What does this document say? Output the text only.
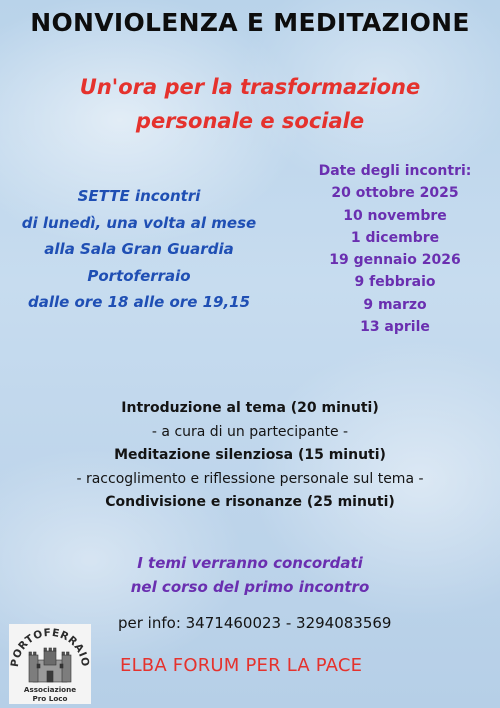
NONVIOLENZA E MEDITAZIONE
Un'ora per la trasformazione
personale e sociale
SETTE incontri
di lunedì, una volta al mese
alla Sala Gran Guardia
Portoferraio
dalle ore 18 alle ore 19,15
Date degli incontri:
20 ottobre 2025
10 novembre
1 dicembre
19 gennaio 2026
9 febbraio
9 marzo
13 aprile
Introduzione al tema (20 minuti)
- a cura di un partecipante -
Meditazione silenziosa (15 minuti)
- raccoglimento e riflessione personale sul tema -
Condivisione e risonanze (25 minuti)
I temi verranno concordati
nel corso del primo incontro
per info: 3471460023 - 3294083569
ELBA FORUM PER LA PACE
PORTOFERRAIO
Associazione
Pro Loco
